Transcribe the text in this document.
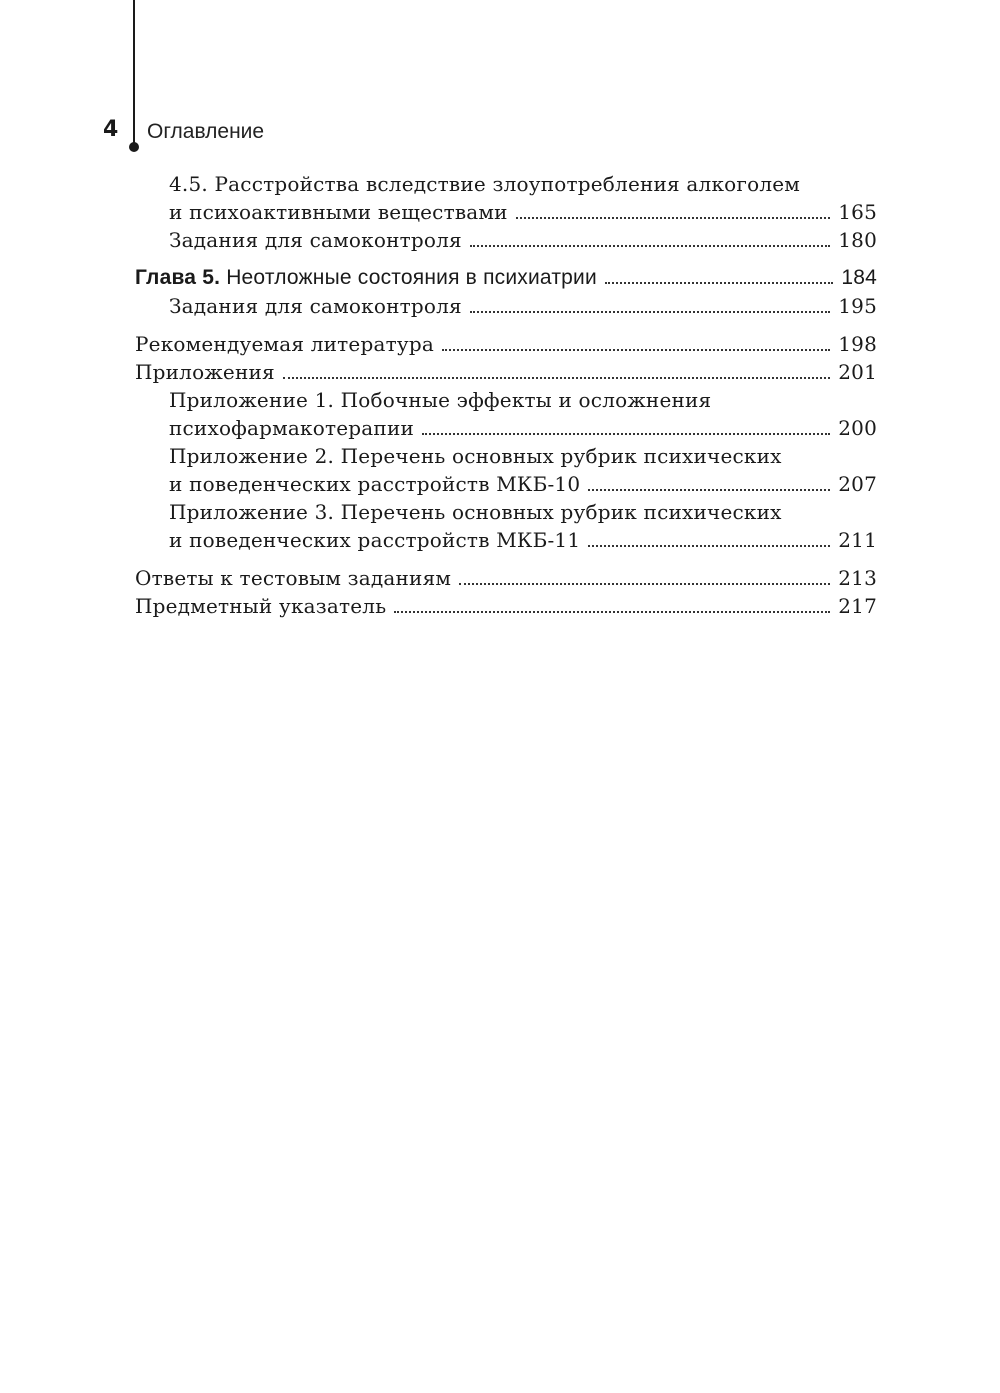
4 Оглавление
4.5. Расстройства вследствие злоупотребления алкоголем
и психоактивными веществами	165
Задания для самоконтроля	180
Глава 5.
Неотложные состояния в психиатрии	184
Задания для самоконтроля	195
Рекомендуемая литература	198
Приложения	201
Приложение 1. Побочные эффекты и осложнения
психофармакотерапии	200
Приложение 2. Перечень основных рубрик психических
и поведенческих расстройств МКБ-10	207
Приложение 3. Перечень основных рубрик психических
и поведенческих расстройств МКБ-11	211
Ответы к тестовым заданиям	213
Предметный указатель	217
